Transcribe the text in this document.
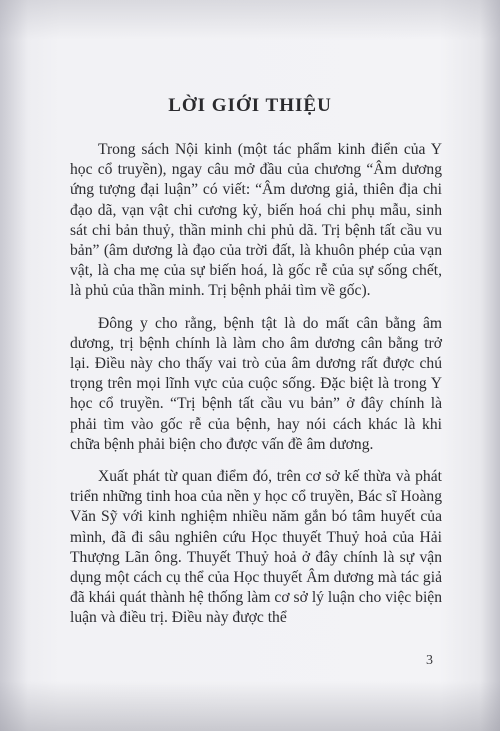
LỜI GIỚI THIỆU

Trong sách Nội kinh (một tác phẩm kinh điển của Y học cổ truyền), ngay câu mở đầu của chương “Âm dương ứng tượng đại luận” có viết: “Âm dương giả, thiên địa chi đạo dã, vạn vật chi cương kỷ, biến hoá chi phụ mẫu, sinh sát chi bản thuỷ, thần minh chi phủ dã. Trị bệnh tất cầu vu bản” (âm dương là đạo của trời đất, là khuôn phép của vạn vật, là cha mẹ của sự biến hoá, là gốc rễ của sự sống chết, là phủ của thần minh. Trị bệnh phải tìm về gốc).

Đông y cho rằng, bệnh tật là do mất cân bằng âm dương, trị bệnh chính là làm cho âm dương cân bằng trở lại. Điều này cho thấy vai trò của âm dương rất được chú trọng trên mọi lĩnh vực của cuộc sống. Đặc biệt là trong Y học cổ truyền. “Trị bệnh tất cầu vu bản” ở đây chính là phải tìm vào gốc rễ của bệnh, hay nói cách khác là khi chữa bệnh phải biện cho được vấn đề âm dương.

Xuất phát từ quan điểm đó, trên cơ sở kế thừa và phát triển những tinh hoa của nền y học cổ truyền, Bác sĩ Hoàng Văn Sỹ với kinh nghiệm nhiều năm gắn bó tâm huyết của mình, đã đi sâu nghiên cứu Học thuyết Thuỷ hoả của Hải Thượng Lãn ông. Thuyết Thuỷ hoả ở đây chính là sự vận dụng một cách cụ thể của Học thuyết Âm dương mà tác giả đã khái quát thành hệ thống làm cơ sở lý luận cho việc biện luận và điều trị. Điều này được thể

3
